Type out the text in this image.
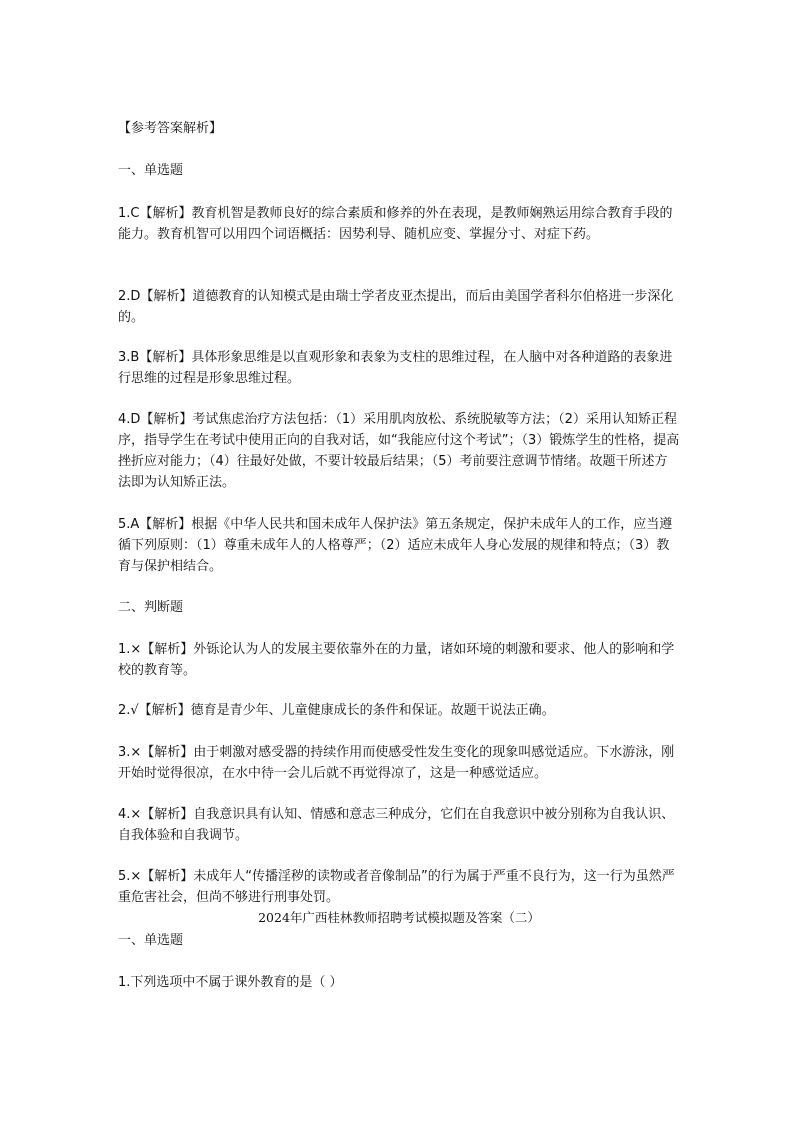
【参考答案解析】

一、单选题

1.C【解析】教育机智是教师良好的综合素质和修养的外在表现，是教师娴熟运用综合教育手段的能力。教育机智可以用四个词语概括：因势利导、随机应变、掌握分寸、对症下药。

2.D【解析】道德教育的认知模式是由瑞士学者皮亚杰提出，而后由美国学者科尔伯格进一步深化的。

3.B【解析】具体形象思维是以直观形象和表象为支柱的思维过程，在人脑中对各种道路的表象进行思维的过程是形象思维过程。

4.D【解析】考试焦虑治疗方法包括：（1）采用肌肉放松、系统脱敏等方法；（2）采用认知矫正程序，指导学生在考试中使用正向的自我对话，如“我能应付这个考试”；（3）锻炼学生的性格，提高挫折应对能力；（4）往最好处做，不要计较最后结果；（5）考前要注意调节情绪。故题干所述方法即为认知矫正法。

5.A【解析】根据《中华人民共和国未成年人保护法》第五条规定，保护未成年人的工作，应当遵循下列原则：（1）尊重未成年人的人格尊严；（2）适应未成年人身心发展的规律和特点；（3）教育与保护相结合。

二、判断题

1.×【解析】外铄论认为人的发展主要依靠外在的力量，诸如环境的刺激和要求、他人的影响和学校的教育等。

2.√【解析】德育是青少年、儿童健康成长的条件和保证。故题干说法正确。

3.×【解析】由于刺激对感受器的持续作用而使感受性发生变化的现象叫感觉适应。下水游泳，刚开始时觉得很凉，在水中待一会儿后就不再觉得凉了，这是一种感觉适应。

4.×【解析】自我意识具有认知、情感和意志三种成分，它们在自我意识中被分别称为自我认识、自我体验和自我调节。

5.×【解析】未成年人“传播淫秽的读物或者音像制品”的行为属于严重不良行为，这一行为虽然严重危害社会，但尚不够进行刑事处罚。

2024年广西桂林教师招聘考试模拟题及答案（二）

一、单选题

1.下列选项中不属于课外教育的是（ ）
